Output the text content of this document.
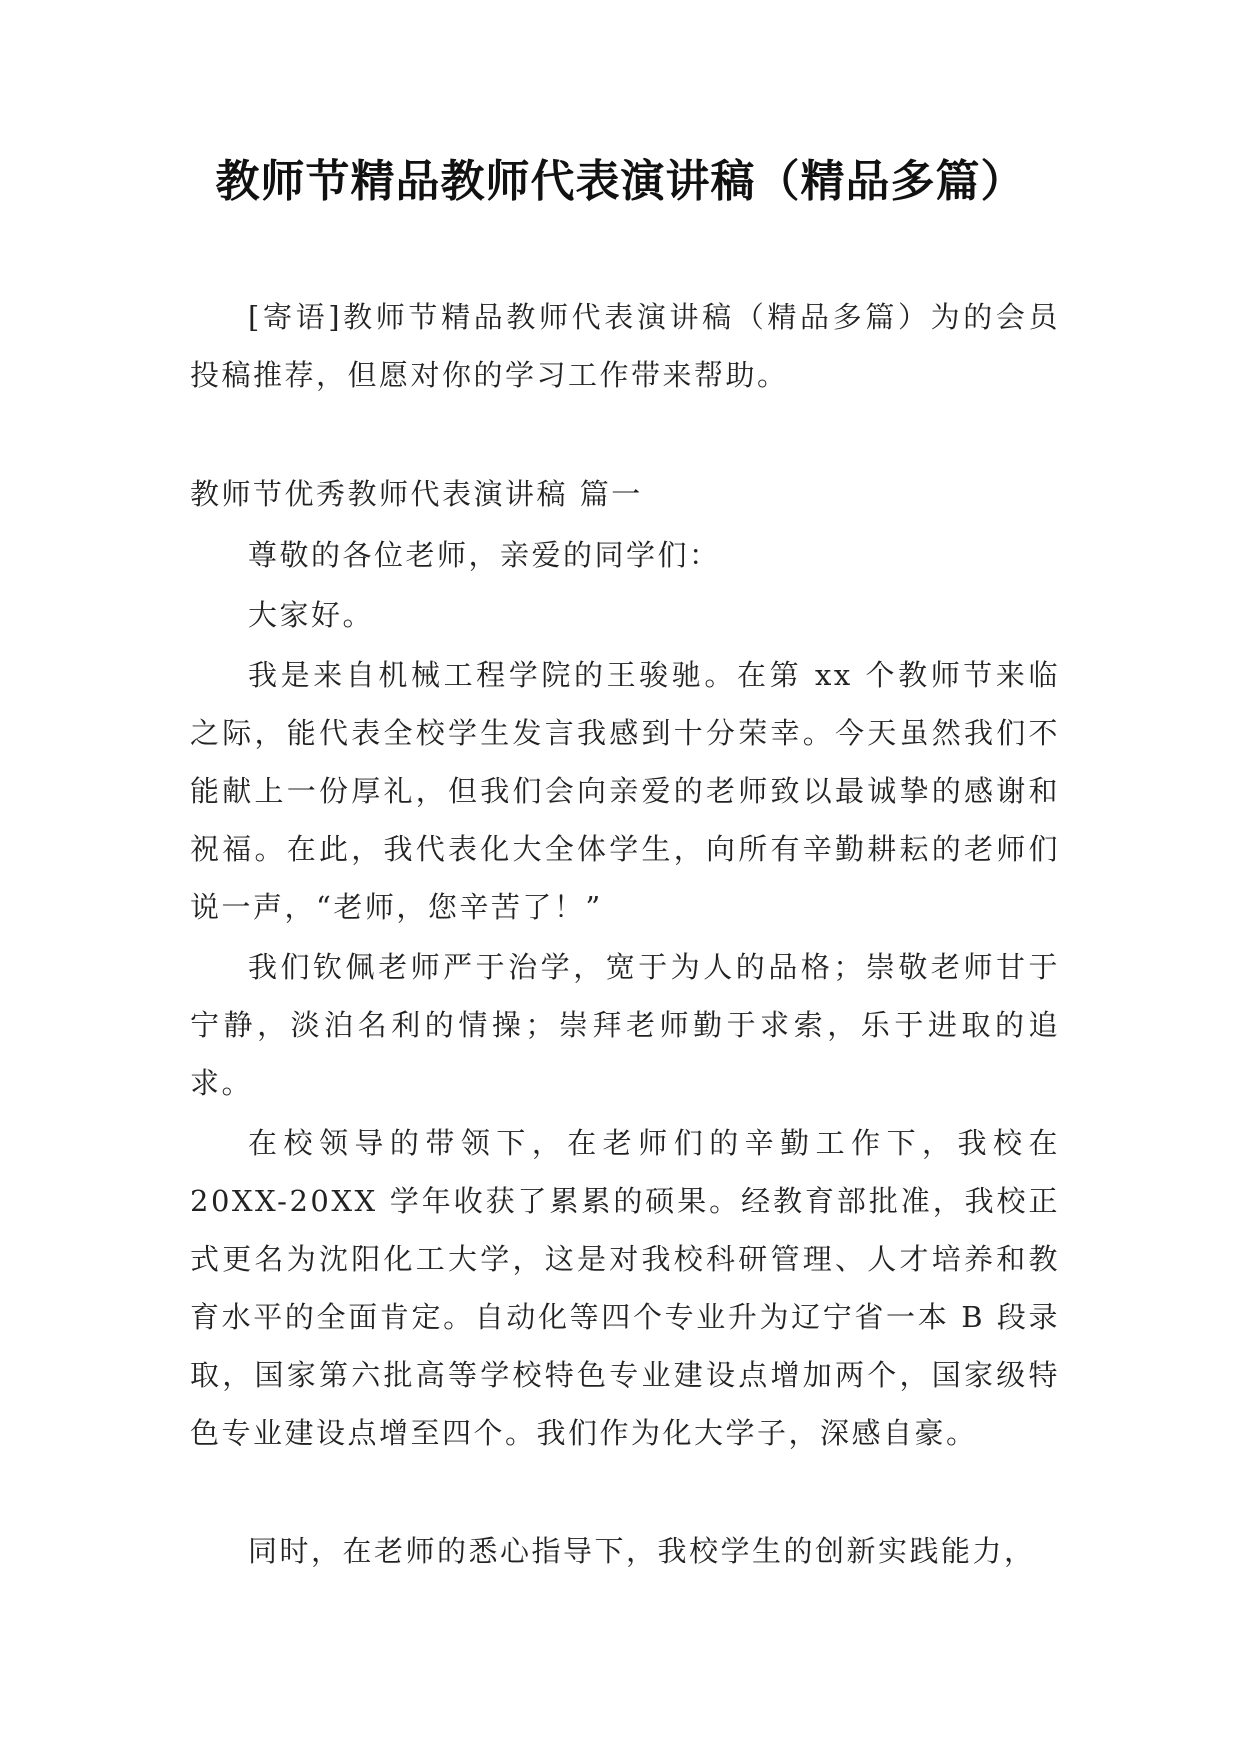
教师节精品教师代表演讲稿（精品多篇）

[寄语]教师节精品教师代表演讲稿（精品多篇）为的会员投稿推荐，但愿对你的学习工作带来帮助。

教师节优秀教师代表演讲稿 篇一

尊敬的各位老师，亲爱的同学们：

大家好。

我是来自机械工程学院的王骏驰。在第 xx 个教师节来临之际，能代表全校学生发言我感到十分荣幸。今天虽然我们不能献上一份厚礼，但我们会向亲爱的老师致以最诚挚的感谢和祝福。在此，我代表化大全体学生，向所有辛勤耕耘的老师们说一声，“老师，您辛苦了！”

我们钦佩老师严于治学，宽于为人的品格；崇敬老师甘于宁静，淡泊名利的情操；崇拜老师勤于求索，乐于进取的追求。

在校领导的带领下，在老师们的辛勤工作下，我校在 20XX-20XX 学年收获了累累的硕果。经教育部批准，我校正式更名为沈阳化工大学，这是对我校科研管理、人才培养和教育水平的全面肯定。自动化等四个专业升为辽宁省一本 B 段录取，国家第六批高等学校特色专业建设点增加两个，国家级特色专业建设点增至四个。我们作为化大学子，深感自豪。

同时，在老师的悉心指导下，我校学生的创新实践能力，
